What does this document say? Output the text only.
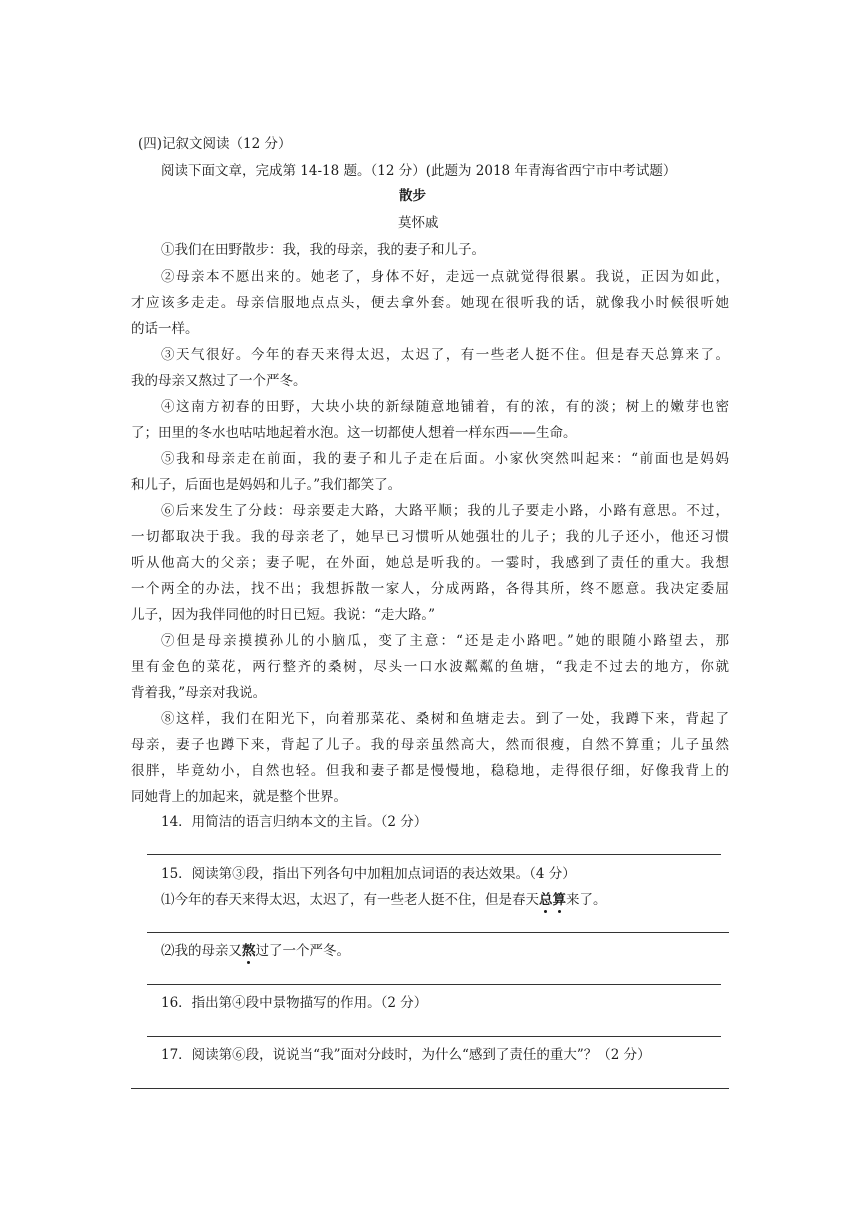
(四)记叙文阅读（12 分）
阅读下面文章，完成第 14-18 题。（12 分）(此题为 2018 年青海省西宁市中考试题）
散步
莫怀戚
①我们在田野散步：我，我的母亲，我的妻子和儿子。
②母亲本不愿出来的。她老了，身体不好，走远一点就觉得很累。我说，正因为如此，
才应该多走走。母亲信服地点点头，便去拿外套。她现在很听我的话，就像我小时候很听她
的话一样。
③天气很好。今年的春天来得太迟，太迟了，有一些老人挺不住。但是春天总算来了。
我的母亲又熬过了一个严冬。
④这南方初春的田野，大块小块的新绿随意地铺着，有的浓，有的淡；树上的嫩芽也密
了；田里的冬水也咕咕地起着水泡。这一切都使人想着一样东西——生命。
⑤我和母亲走在前面，我的妻子和儿子走在后面。小家伙突然叫起来：“前面也是妈妈
和儿子，后面也是妈妈和儿子。”我们都笑了。
⑥后来发生了分歧：母亲要走大路，大路平顺；我的儿子要走小路，小路有意思。不过，
一切都取决于我。我的母亲老了，她早已习惯听从她强壮的儿子；我的儿子还小，他还习惯
听从他高大的父亲；妻子呢，在外面，她总是听我的。一霎时，我感到了责任的重大。我想
一个两全的办法，找不出；我想拆散一家人，分成两路，各得其所，终不愿意。我决定委屈
儿子，因为我伴同他的时日已短。我说：“走大路。”
⑦但是母亲摸摸孙儿的小脑瓜，变了主意：“还是走小路吧。”她的眼随小路望去，那
里有金色的菜花，两行整齐的桑树，尽头一口水波粼粼的鱼塘，“我走不过去的地方，你就
背着我，”母亲对我说。
⑧这样，我们在阳光下，向着那菜花、桑树和鱼塘走去。到了一处，我蹲下来，背起了
母亲，妻子也蹲下来，背起了儿子。我的母亲虽然高大，然而很瘦，自然不算重；儿子虽然
很胖，毕竟幼小，自然也轻。但我和妻子都是慢慢地，稳稳地，走得很仔细，好像我背上的
同她背上的加起来，就是整个世界。
14．用简洁的语言归纳本文的主旨。（2 分）
15．阅读第③段，指出下列各句中加粗加点词语的表达效果。（4 分）
⑴今年的春天来得太迟，太迟了，有一些老人挺不住，但是春天总算来了。
⑵我的母亲又熬过了一个严冬。
16．指出第④段中景物描写的作用。（2 分）
17．阅读第⑥段，说说当“我”面对分歧时，为什么“感到了责任的重大”？（2 分）
